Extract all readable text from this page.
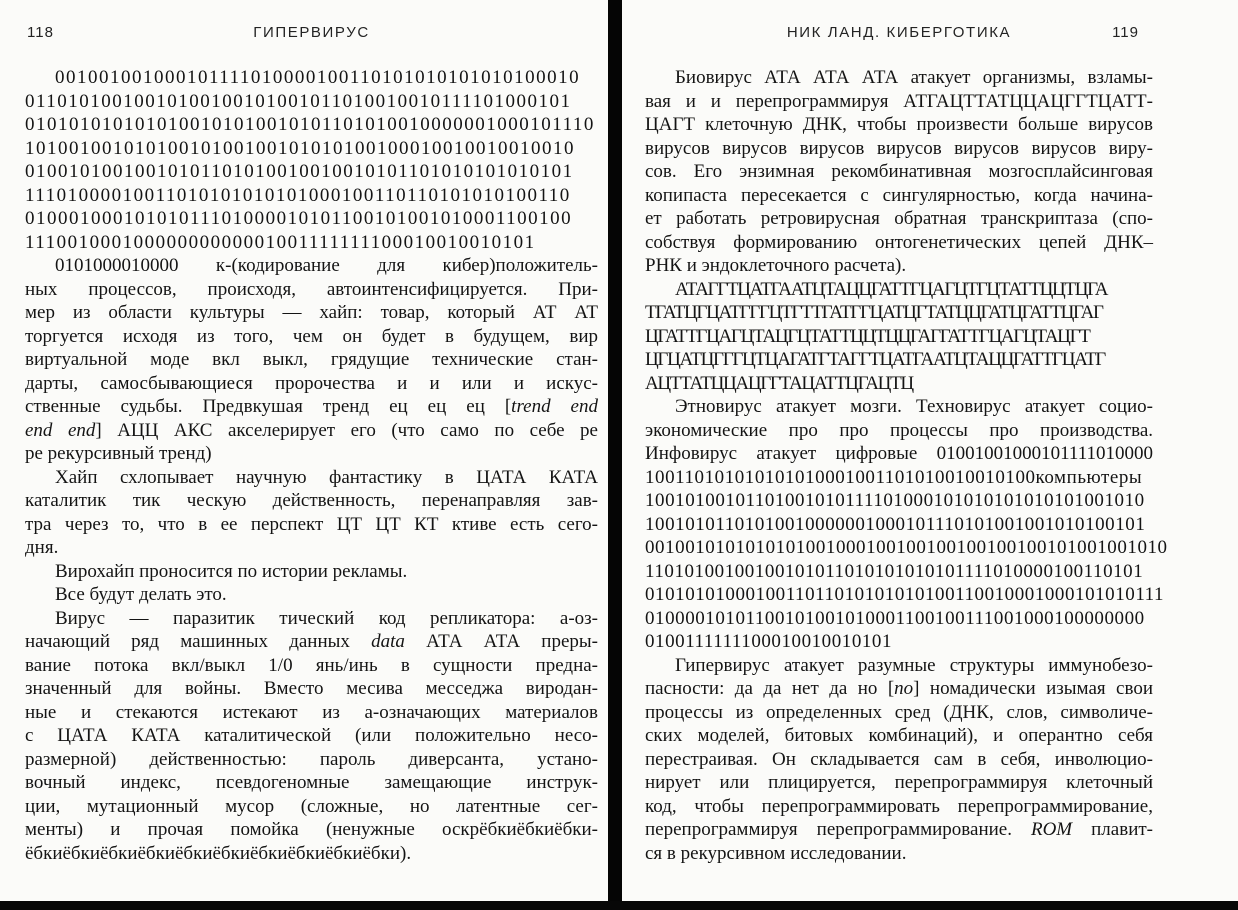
118	ГИПЕРВИРУС
001001001000101111010000100110101010101010100010
01101010010010100100101001011010010010111101000101
0101010101010100101010010101101010010000001000101110
10100100101010010100100101010100100010010010010010
01001010010010101101010010010010101101010101010101
11101000010011010101010101000100110110101010100110
01000100010101011101000010101100101001010001100100
11100100010000000000001001111111100010010010101
0101000010000 к-(кодирование для кибер)положитель-
ных процессов, происходя, автоинтенсифицируется. При-
мер из области культуры — хайп: товар, который АТ АТ
торгуется исходя из того, чем он будет в будущем, вир
виртуальной моде вкл выкл, грядущие технические стан-
дарты, самосбывающиеся пророчества и и или и искус-
ственные судьбы. Предвкушая тренд ец ец ец [trend end
end end] АЦЦ АКС акселерирует его (что само по себе ре
ре рекурсивный тренд)
Хайп схлопывает научную фантастику в ЦАТА КАТА
каталитик тик ческую действенность, перенаправляя зав-
тра через то, что в ее перспект ЦТ ЦТ КТ ктиве есть сего-
дня.
Вирохайп проносится по истории рекламы.
Все будут делать это.
Вирус — паразитик тический код репликатора: а-оз-
начающий ряд машинных данных data АТА АТА преры-
вание потока вкл/выкл 1/0 янь/инь в сущности предна-
значенный для войны. Вместо месива месседжа виродан-
ные и стекаются истекают из а-означающих материалов
с ЦАТА КАТА каталитической (или положительно несо-
размерной) действенностью: пароль диверсанта, устано-
вочный индекс, псевдогеномные замещающие инструк-
ции, мутационный мусор (сложные, но латентные сег-
менты) и прочая помойка (ненужные оскрёбкиёбкиёбки-
ёбкиёбкиёбкиёбкиёбкиёбкиёбкиёбкиёбкиёбки).
НИК ЛАНД. КИБЕРГОТИКА	119
Биовирус АТА АТА АТА атакует организмы, взламы-
вая и и перепрограммируя АТГАЦТТАТЦЦАЦГГТЦАТТ-
ЦАГТ клеточную ДНК, чтобы произвести больше вирусов
вирусов вирусов вирусов вирусов вирусов вирусов виру-
сов. Его энзимная рекомбинативная мозгосплайсинговая
копипаста пересекается с сингулярностью, когда начина-
ет работать ретровирусная обратная транскриптаза (спо-
собствуя формированию онтогенетических цепей ДНК–
РНК и эндоклеточного расчета).
АТАГГТЦАТГААТЦТАЦЦГАТТГЦАГЦТГЦТАТТЦЦТЦГА
ТГАТЦГЦАТГГГЦТГТТГАТГГЦАТЦГТАТЦЦГАТЦГАТТЦГАГ
ЦГАТТГЦАГЦТАЦГЦТАТТЦЦТЦЦГАГГАТТГЦАГЦТАЦГТ
ЦГЦАТЦГГГЦТЦАГАТГТАГГТЦАТГААТЦТАЦЦГАТТГЦАТГ
АЦТТАТЦЦАЦГГТАЦАТТЦГАЦТЦ
Этновирус атакует мозги. Техновирус атакует социо-
экономические про про процессы про производства.
Инфовирус атакует цифровые 01001001000101111010000
100110101010101010001001101010010010100компьютеры
10010100101101001010111101000101010101010101001010
10010101101010010000001000101110101001001010100101
0010010101010101001000100100100100100100101001001010
11010100100100101011010101010101111010000100110101
0101010100010011011010101010100110010001000101010111
01000010101100101001010001100100111001000100000000
0100111111100010010010101
Гипервирус атакует разумные структуры иммунобезо-
пасности: да да нет да но [по] номадически изымая свои
процессы из определенных сред (ДНК, слов, символиче-
ских моделей, битовых комбинаций), и оперантно себя
перестраивая. Он складывается сам в себя, инволюцио-
нирует или плицируется, перепрограммируя клеточный
код, чтобы перепрограммировать перепрограммирование,
перепрограммируя перепрограммирование. ROM плавит-
ся в рекурсивном исследовании.
